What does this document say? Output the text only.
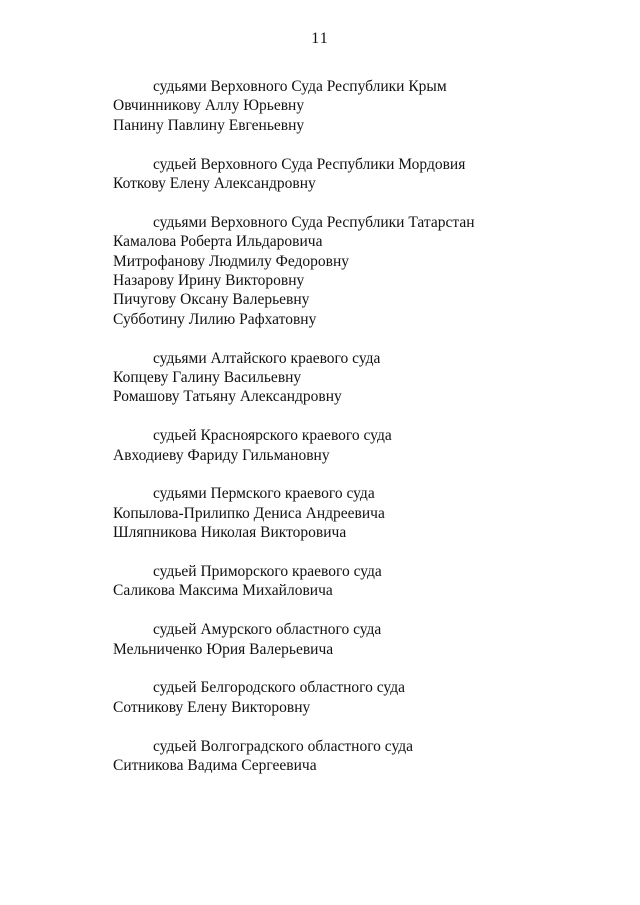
11
судьями Верховного Суда Республики Крым
Овчинникову Аллу Юрьевну
Панину Павлину Евгеньевну
судьей Верховного Суда Республики Мордовия
Коткову Елену Александровну
судьями Верховного Суда Республики Татарстан
Камалова Роберта Ильдаровича
Митрофанову Людмилу Федоровну
Назарову Ирину Викторовну
Пичугову Оксану Валерьевну
Субботину Лилию Рафхатовну
судьями Алтайского краевого суда
Копцеву Галину Васильевну
Ромашову Татьяну Александровну
судьей Красноярского краевого суда
Авходиеву Фариду Гильмановну
судьями Пермского краевого суда
Копылова-Прилипко Дениса Андреевича
Шляпникова Николая Викторовича
судьей Приморского краевого суда
Саликова Максима Михайловича
судьей Амурского областного суда
Мельниченко Юрия Валерьевича
судьей Белгородского областного суда
Сотникову Елену Викторовну
судьей Волгоградского областного суда
Ситникова Вадима Сергеевича
